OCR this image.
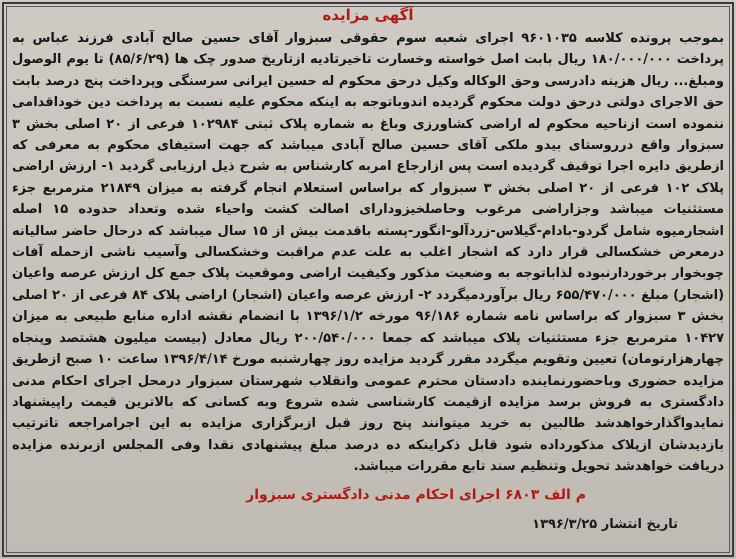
آگهی مزایده

بموجب پرونده کلاسه ۹۶۰۱۰۳۵ اجرای شعبه سوم حقوقی سبزوار آقای حسین صالح آبادی فرزند عباس به پرداخت ۱۸۰/۰۰۰/۰۰۰ ریال بابت اصل خواسته وخسارت تاخیرتادیه ازتاریخ صدور چک ها (۸۵/۶/۲۹) تا یوم الوصول ومبلغ... ریال هزینه دادرسی وحق الوکاله وکیل درحق محکوم له حسین ایرانی سرسنگی وپرداخت پنج درصد بابت حق الاجرای دولتی درحق دولت محکوم گردیده اندوباتوجه به اینکه محکوم علیه نسبت به پرداخت دین خوداقدامی ننموده است ازناحیه محکوم له اراضی کشاورزی وباغ به شماره پلاک ثبتی ۱۰۲۹۸۴ فرعی از ۲۰ اصلی بخش ۳ سبزوار واقع درروستای بیدو ملکی آقای حسین صالح آبادی میباشد که جهت استیفای محکوم به معرفی که ازطریق دایره اجرا توقیف گردیده است پس ازارجاع امربه کارشناس به شرح ذیل ارزیابی گردید ۱- ارزش اراضی پلاک ۱۰۲ فرعی از ۲۰ اصلی بخش ۳ سبزوار که براساس استعلام انجام گرفته به میزان ۲۱۸۴۹ مترمربع جزء مستثنیات میباشد وجزاراضی مرغوب وحاصلخیزودارای اصالت کشت واحیاء شده وتعداد حدوده ۱۵ اصله اشجارمیوه شامل گردو-بادام-گیلاس-زردآلو-انگور-پسته باقدمت بیش از ۱۵ سال میباشد که درحال حاضر سالیانه درمعرض خشکسالی قرار دارد که اشجار اغلب به علت عدم مراقبت وخشکسالی وآسیب ناشی ازحمله آفات چوبخوار برخوردارنبوده لذاباتوجه به وضعیت مذکور وکیفیت اراضی وموقعیت پلاک جمع کل ارزش عرصه واعیان (اشجار) مبلغ ۶۵۵/۴۷۰/۰۰۰ ریال برآوردمیگردد ۲- ارزش عرصه واعیان (اشجار) اراضی پلاک ۸۴ فرعی از ۲۰ اصلی بخش ۳ سبزوار که براساس نامه شماره ۹۶/۱۸۶ مورخه ۱۳۹۶/۱/۲ با انضمام نقشه اداره منابع طبیعی به میزان ۱۰۴۲۷ مترمربع جزء مستثنیات پلاک میباشد که جمعا ۲۰۰/۵۴۰/۰۰۰ ریال معادل (بیست میلیون هشتصد وپنجاه چهارهزارتومان) تعیین وتقویم میگردد مقرر گردید مزایده روز چهارشنبه مورخ ۱۳۹۶/۴/۱۴ ساعت ۱۰ صبح ازطریق مزایده حضوری وباحضورنماینده دادستان محترم عمومی وانقلاب شهرستان سبزوار درمحل اجرای احکام مدنی دادگستری به فروش برسد مزایده ازقیمت کارشناسی شده شروع وبه کسانی که بالاترین قیمت راپیشنهاد نمایدواگذارخواهدشد طالبین به خرید میتوانند پنج روز قبل ازبرگزاری مزایده به این اجرامراجعه تاترتیب بازدیدشان ازپلاک مذکورداده شود قابل ذکراینکه ده درصد مبلغ پیشنهادی نقدا وفی المجلس ازبرنده مزایده دریافت خواهدشد تحویل وتنظیم سند تابع مقررات میباشد.

م الف ۶۸۰۳ اجرای احکام مدنی دادگستری سبزوار
تاریخ انتشار ۱۳۹۶/۳/۲۵
